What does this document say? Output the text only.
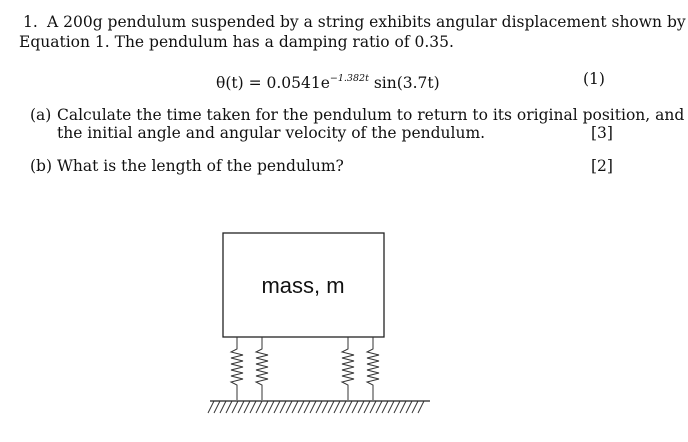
1. A 200g pendulum suspended by a string exhibits angular displacement shown by
Equation 1. The pendulum has a damping ratio of 0.35.
$\theta(t) = 0.0541e^{-1.382t}$ sin(3.7t)	(1)
(a) Calculate the time taken for the pendulum to return to its original position, and
the initial angle and angular velocity of the pendulum.	[3]
(b) What is the length of the pendulum?	[2]
mass, m
